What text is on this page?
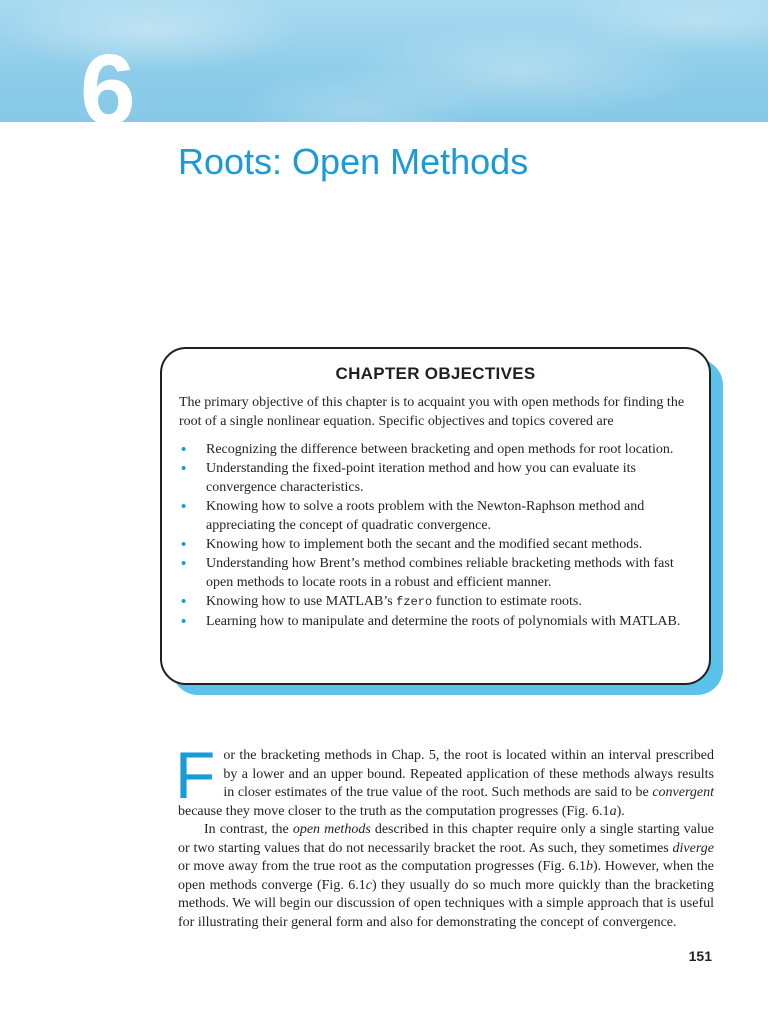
6
Roots: Open Methods
CHAPTER OBJECTIVES
The primary objective of this chapter is to acquaint you with open methods for finding the root of a single nonlinear equation. Specific objectives and topics covered are
• Recognizing the difference between bracketing and open methods for root location.
• Understanding the fixed-point iteration method and how you can evaluate its convergence characteristics.
• Knowing how to solve a roots problem with the Newton-Raphson method and appreciating the concept of quadratic convergence.
• Knowing how to implement both the secant and the modified secant methods.
• Understanding how Brent’s method combines reliable bracketing methods with fast open methods to locate roots in a robust and efficient manner.
• Knowing how to use MATLAB’s fzero function to estimate roots.
• Learning how to manipulate and determine the roots of polynomials with MATLAB.

For the bracketing methods in Chap. 5, the root is located within an interval prescribed by a lower and an upper bound. Repeated application of these methods always results in closer estimates of the true value of the root. Such methods are said to be convergent because they move closer to the truth as the computation progresses (Fig. 6.1a).

In contrast, the open methods described in this chapter require only a single starting value or two starting values that do not necessarily bracket the root. As such, they sometimes diverge or move away from the true root as the computation progresses (Fig. 6.1b). However, when the open methods converge (Fig. 6.1c) they usually do so much more quickly than the bracketing methods. We will begin our discussion of open techniques with a simple approach that is useful for illustrating their general form and also for demonstrating the concept of convergence.

151
